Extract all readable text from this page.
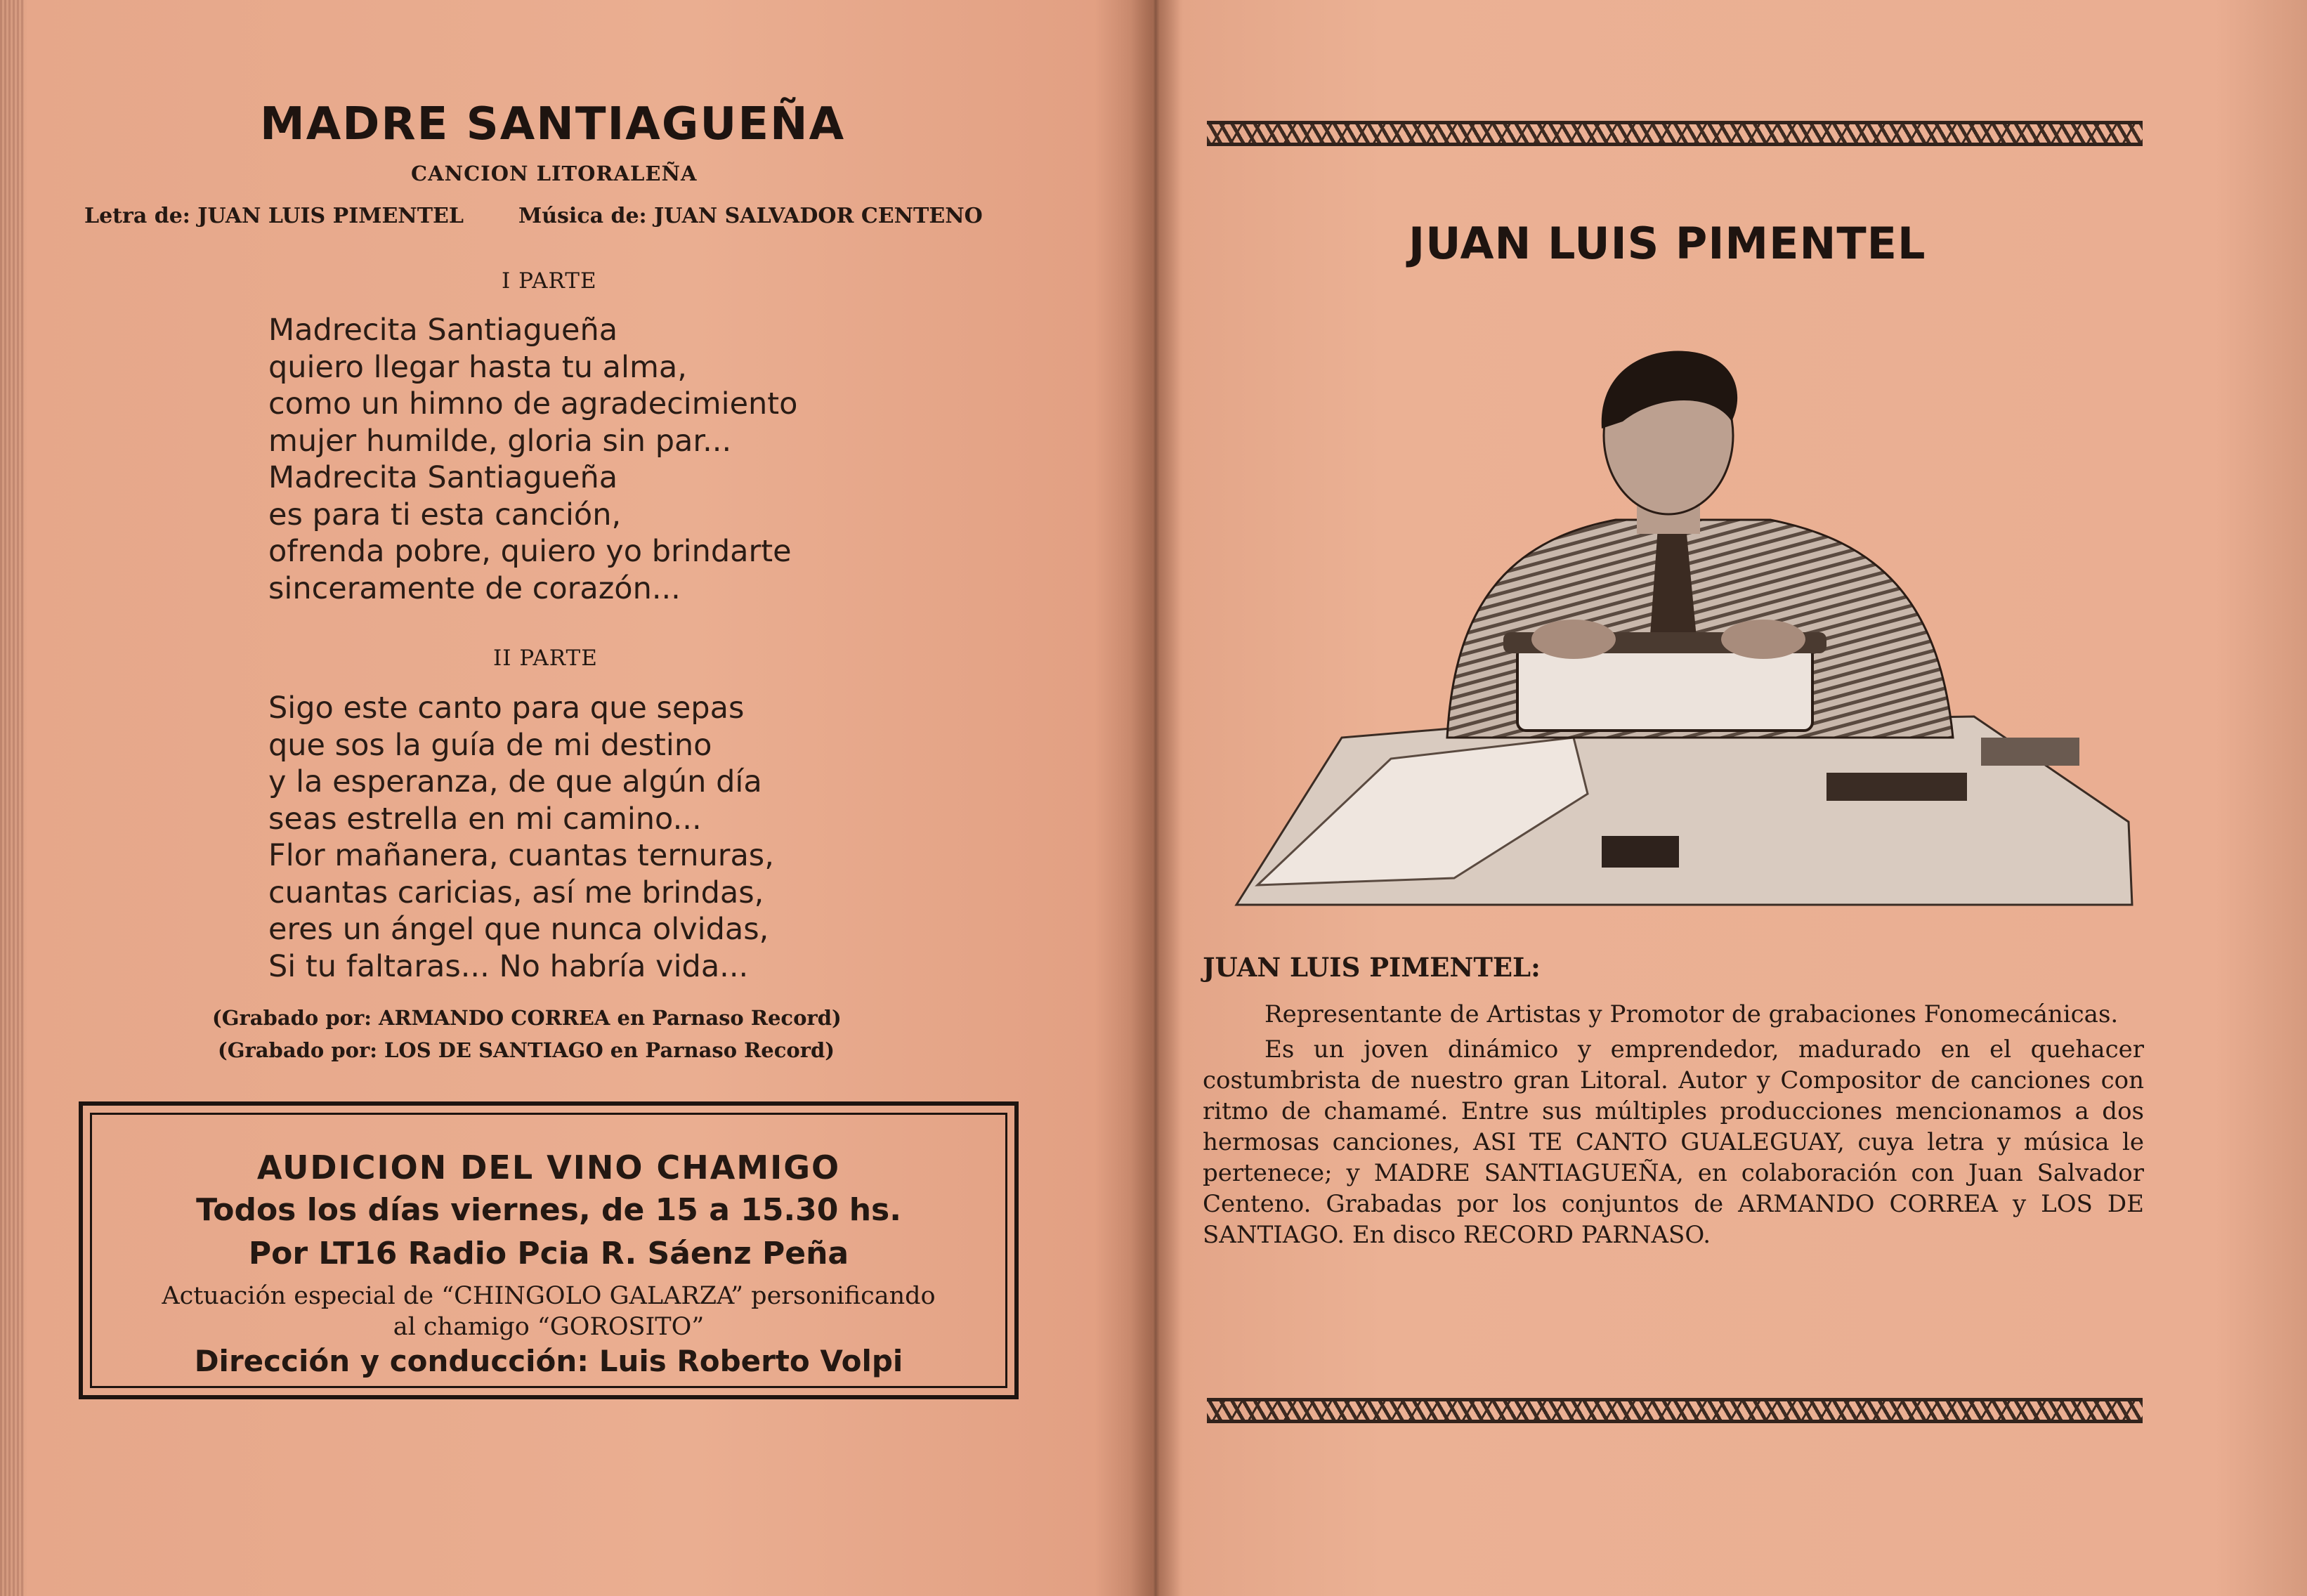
MADRE SANTIAGUEÑA
CANCION LITORALEÑA
Letra de: JUAN LUIS PIMENTEL	Música de: JUAN SALVADOR CENTENO
I PARTE
Madrecita Santiagueña
quiero llegar hasta tu alma,
como un himno de agradecimiento
mujer humilde, gloria sin par...
Madrecita Santiagueña
es para ti esta canción,
ofrenda pobre, quiero yo brindarte
sinceramente de corazón...
II PARTE
Sigo este canto para que sepas
que sos la guía de mi destino
y la esperanza, de que algún día
seas estrella en mi camino...
Flor mañanera, cuantas ternuras,
cuantas caricias, así me brindas,
eres un ángel que nunca olvidas,
Si tu faltaras... No habría vida...
(Grabado por: ARMANDO CORREA en Parnaso Record)
(Grabado por: LOS DE SANTIAGO en Parnaso Record)
AUDICION DEL VINO CHAMIGO
Todos los días viernes, de 15 a 15.30 hs.
Por LT16 Radio Pcia R. Sáenz Peña
Actuación especial de “CHINGOLO GALARZA” personificando
al chamigo “GOROSITO”
Dirección y conducción: Luis Roberto Volpi
JUAN LUIS PIMENTEL
JUAN LUIS PIMENTEL:

Representante de Artistas y Promotor de grabaciones Fonomecánicas.

Es un joven dinámico y emprendedor, madurado en el quehacer costumbrista de nuestro gran Litoral. Autor y Compositor de canciones con ritmo de chamamé. Entre sus múltiples producciones mencionamos a dos hermosas canciones, ASI TE CANTO GUALEGUAY, cuya letra y música le pertenece; y MADRE SANTIAGUEÑA, en colaboración con Juan Salvador Centeno. Grabadas por los conjuntos de ARMANDO CORREA y LOS DE SANTIAGO. En disco RECORD PARNASO.
